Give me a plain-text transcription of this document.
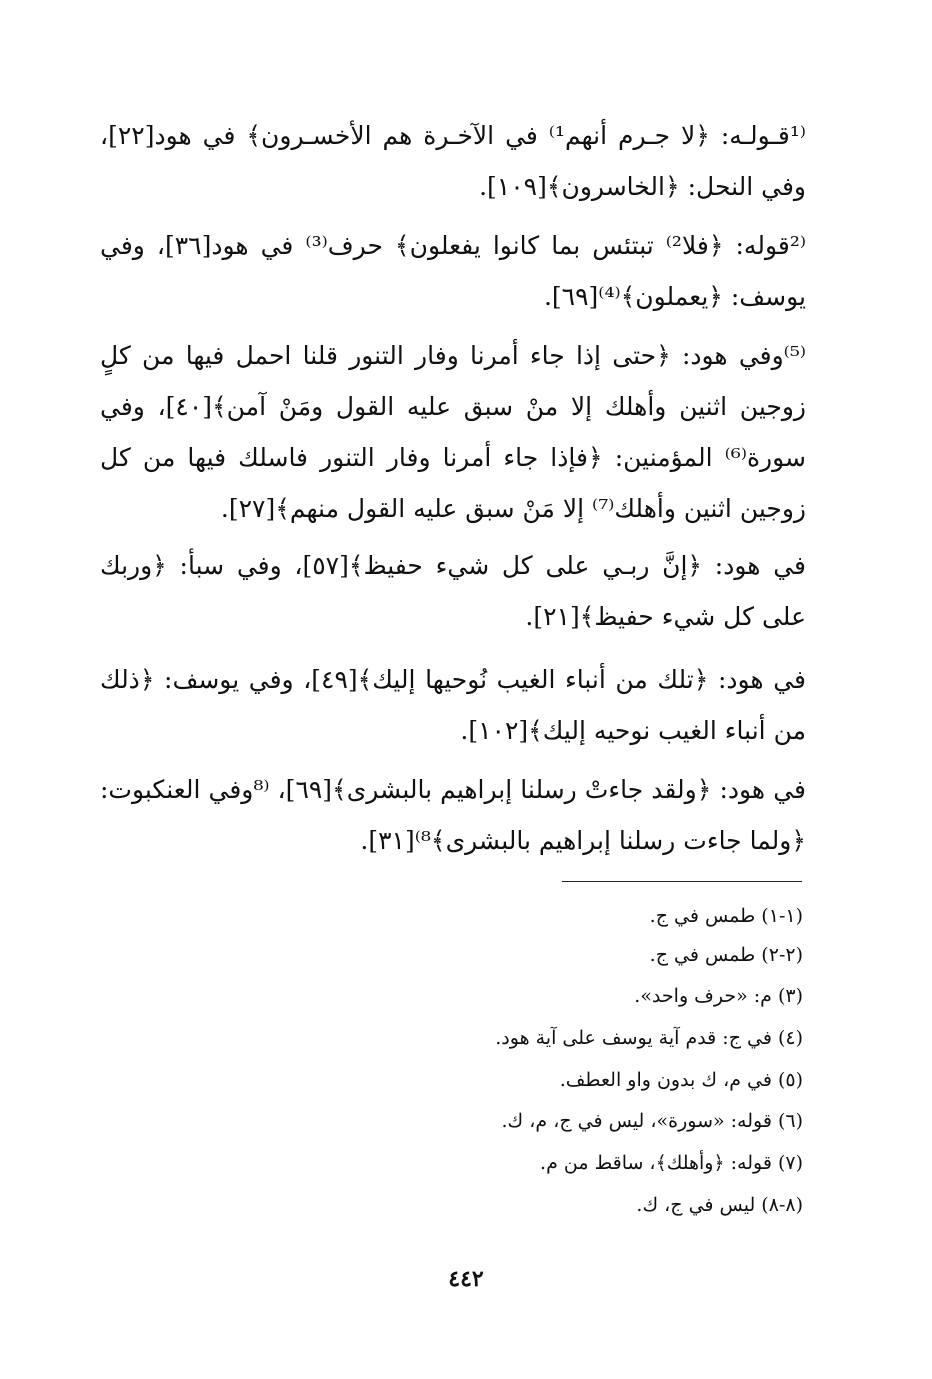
⁽¹قـولـه: ﴿لا جـرم أنهم¹⁾ في الآخـرة هم الأخسـرون﴾ في هود[٢٢]، وفي النحل: ﴿الخاسرون﴾[١٠٩].
⁽²قوله: ﴿فلا²⁾ تبتئس بما كانوا يفعلون﴾ حرف⁽³⁾ في هود[٣٦]، وفي يوسف: ﴿يعملون﴾⁽⁴⁾[٦٩].
⁽⁵⁾وفي هود: ﴿حتى إذا جاء أمرنا وفار التنور قلنا احمل فيها من كلٍ زوجين اثنين وأهلك إلا منْ سبق عليه القول ومَنْ آمن﴾[٤٠]، وفي سورة⁽⁶⁾ المؤمنين: ﴿فإذا جاء أمرنا وفار التنور فاسلك فيها من كل زوجين اثنين وأهلك⁽⁷⁾ إلا مَنْ سبق عليه القول منهم﴾[٢٧].
في هود: ﴿إنَّ ربـي على كل شيء حفيظ﴾[٥٧]، وفي سبأ: ﴿وربك على كل شيء حفيظ﴾[٢١].
في هود: ﴿تلك من أنباء الغيب نُوحيها إليك﴾[٤٩]، وفي يوسف: ﴿ذلك من أنباء الغيب نوحيه إليك﴾[١٠٢].
في هود: ﴿ولقد جاءتْ رسلنا إبراهيم بالبشرى﴾[٦٩]، ⁽⁸وفي العنكبوت: ﴿ولما جاءت رسلنا إبراهيم بالبشرى﴾⁸⁾[٣١].
(١-١)طمس في ج.
(٢-٢)طمس في ج.
(٣)م: «حرف واحد».
(٤)في ج: قدم آية يوسف على آية هود.
(٥)في م، ك بدون واو العطف.
(٦)قوله: «سورة»، ليس في ج، م، ك.
(٧)قوله: ﴿وأهلك﴾، ساقط من م.
(٨-٨)ليس في ج، ك.
٤٤٢
